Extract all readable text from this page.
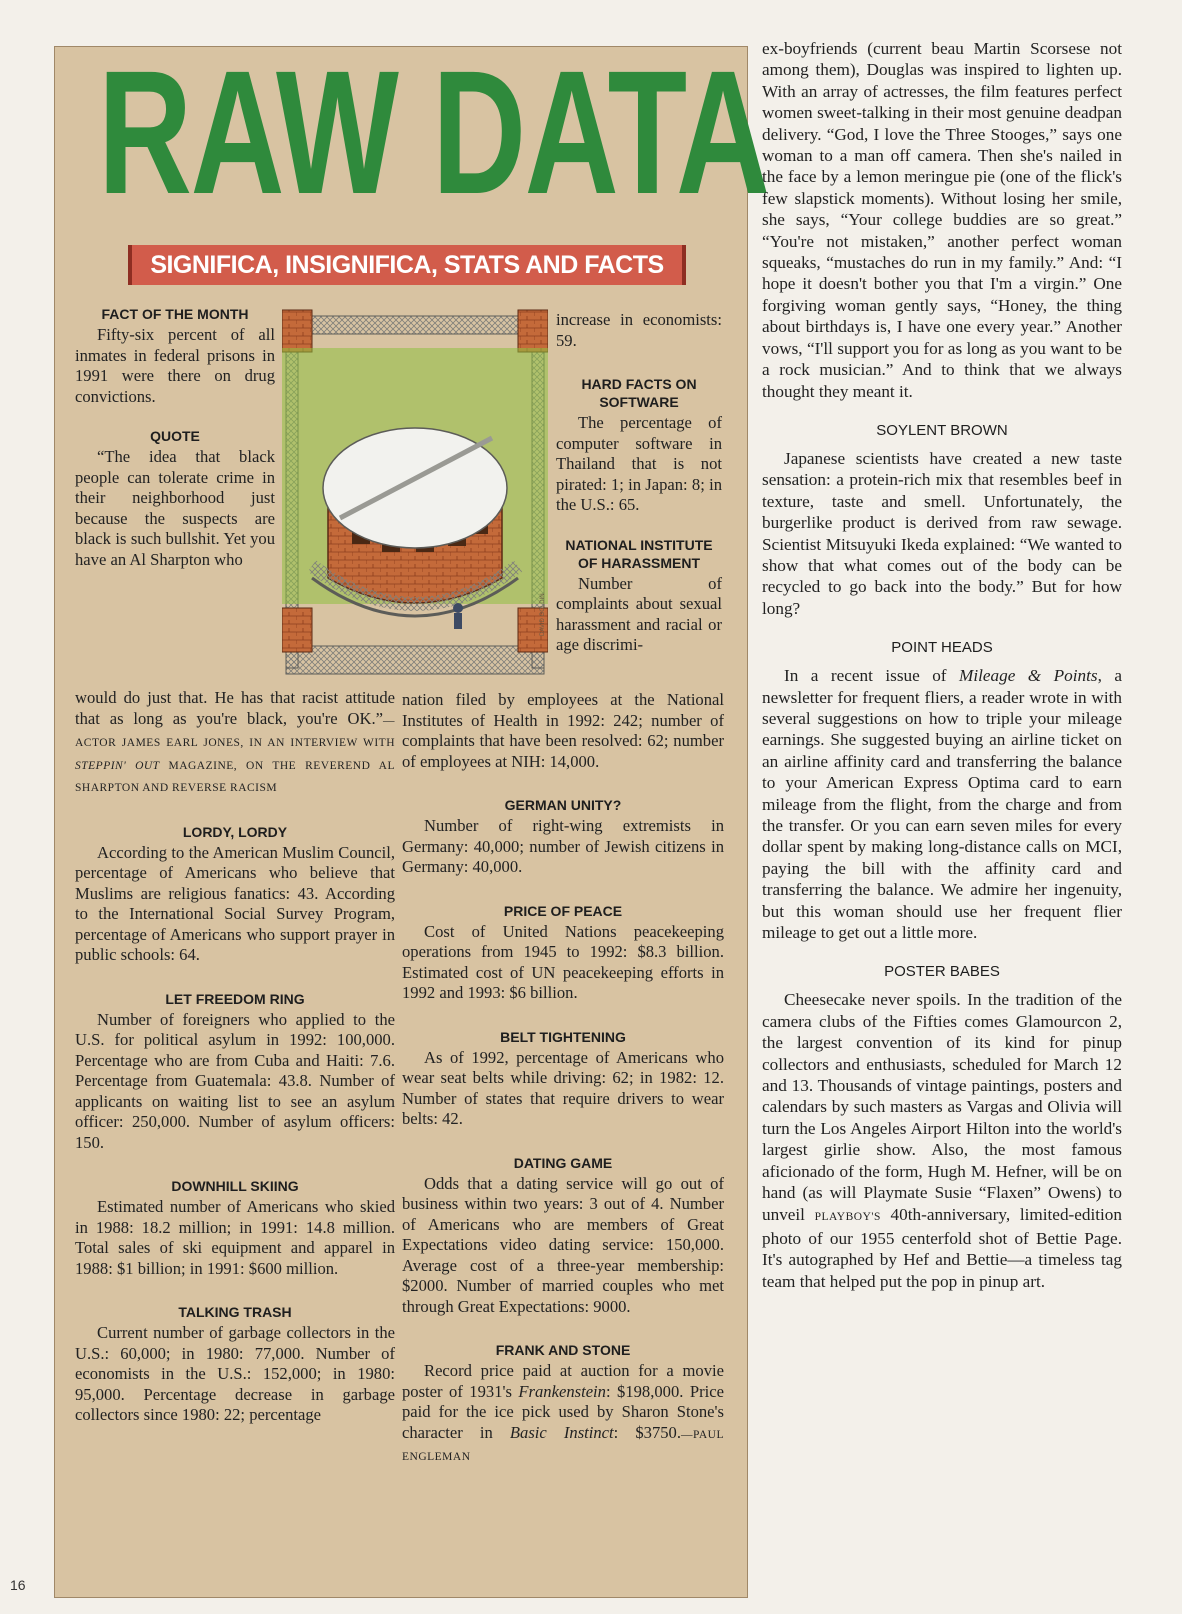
RAW DATA
SIGNIFICA, INSIGNIFICA, STATS AND FACTS
FACT OF THE MONTH

Fifty-six percent of all inmates in federal prisons in 1991 were there on drug convictions.

QUOTE

“The idea that black people can tolerate crime in their neighborhood just because the suspects are black is such bullshit. Yet you have an Al Sharpton who

would do just that. He has that racist attitude that as long as you're black, you're OK.”—ACTOR JAMES EARL JONES, IN AN INTERVIEW WITH STEPPIN' OUT MAGAZINE, ON THE REVEREND AL SHARPTON AND REVERSE RACISM

LORDY, LORDY

According to the American Muslim Council, percentage of Americans who believe that Muslims are religious fanatics: 43. According to the International Social Survey Program, percentage of Americans who support prayer in public schools: 64.

LET FREEDOM RING

Number of foreigners who applied to the U.S. for political asylum in 1992: 100,000. Percentage who are from Cuba and Haiti: 7.6. Percentage from Guatemala: 43.8. Number of applicants on waiting list to see an asylum officer: 250,000. Number of asylum officers: 150.

DOWNHILL SKIING

Estimated number of Americans who skied in 1988: 18.2 million; in 1991: 14.8 million. Total sales of ski equipment and apparel in 1988: $1 billion; in 1991: $600 million.

TALKING TRASH

Current number of garbage collectors in the U.S.: 60,000; in 1980: 77,000. Number of economists in the U.S.: 152,000; in 1980: 95,000. Percentage decrease in garbage collectors since 1980: 22; percentage

DAVID GOLDIN

increase in economists: 59.

HARD FACTS ON SOFTWARE

The percentage of computer software in Thailand that is not pirated: 1; in Japan: 8; in the U.S.: 65.

NATIONAL INSTITUTE OF HARASSMENT

Number of complaints about sexual harassment and racial or age discrimi-

nation filed by employees at the National Institutes of Health in 1992: 242; number of complaints that have been resolved: 62; number of employees at NIH: 14,000.

GERMAN UNITY?

Number of right-wing extremists in Germany: 40,000; number of Jewish citizens in Germany: 40,000.

PRICE OF PEACE

Cost of United Nations peacekeeping operations from 1945 to 1992: $8.3 billion. Estimated cost of UN peacekeeping efforts in 1992 and 1993: $6 billion.

BELT TIGHTENING

As of 1992, percentage of Americans who wear seat belts while driving: 62; in 1982: 12. Number of states that require drivers to wear belts: 42.

DATING GAME

Odds that a dating service will go out of business within two years: 3 out of 4. Number of Americans who are members of Great Expectations video dating service: 150,000. Average cost of a three-year membership: $2000. Number of married couples who met through Great Expectations: 9000.

FRANK AND STONE

Record price paid at auction for a movie poster of 1931's Frankenstein: $198,000. Price paid for the ice pick used by Sharon Stone's character in Basic Instinct: $3750.—PAUL ENGLEMAN

ex-boyfriends (current beau Martin Scorsese not among them), Douglas was inspired to lighten up. With an array of actresses, the film features perfect women sweet-talking in their most genuine deadpan delivery. “God, I love the Three Stooges,” says one woman to a man off camera. Then she's nailed in the face by a lemon meringue pie (one of the flick's few slapstick moments). Without losing her smile, she says, “Your college buddies are so great.” “You're not mistaken,” another perfect woman squeaks, “mustaches do run in my family.” And: “I hope it doesn't bother you that I'm a virgin.” One forgiving woman gently says, “Honey, the thing about birthdays is, I have one every year.” Another vows, “I'll support you for as long as you want to be a rock musician.” And to think that we always thought they meant it.

SOYLENT BROWN

Japanese scientists have created a new taste sensation: a protein-rich mix that resembles beef in texture, taste and smell. Unfortunately, the burgerlike product is derived from raw sewage. Scientist Mitsuyuki Ikeda explained: “We wanted to show that what comes out of the body can be recycled to go back into the body.” But for how long?

POINT HEADS

In a recent issue of Mileage & Points, a newsletter for frequent fliers, a reader wrote in with several suggestions on how to triple your mileage earnings. She suggested buying an airline ticket on an airline affinity card and transferring the balance to your American Express Optima card to earn mileage from the flight, from the charge and from the transfer. Or you can earn seven miles for every dollar spent by making long-distance calls on MCI, paying the bill with the affinity card and transferring the balance. We admire her ingenuity, but this woman should use her frequent flier mileage to get out a little more.

POSTER BABES

Cheesecake never spoils. In the tradition of the camera clubs of the Fifties comes Glamourcon 2, the largest convention of its kind for pinup collectors and enthusiasts, scheduled for March 12 and 13. Thousands of vintage paintings, posters and calendars by such masters as Vargas and Olivia will turn the Los Angeles Airport Hilton into the world's largest girlie show. Also, the most famous aficionado of the form, Hugh M. Hefner, will be on hand (as will Playmate Susie “Flaxen” Owens) to unveil PLAYBOY'S 40th-anniversary, limited-edition photo of our 1955 centerfold shot of Bettie Page. It's autographed by Hef and Bettie—a timeless tag team that helped put the pop in pinup art.

16
